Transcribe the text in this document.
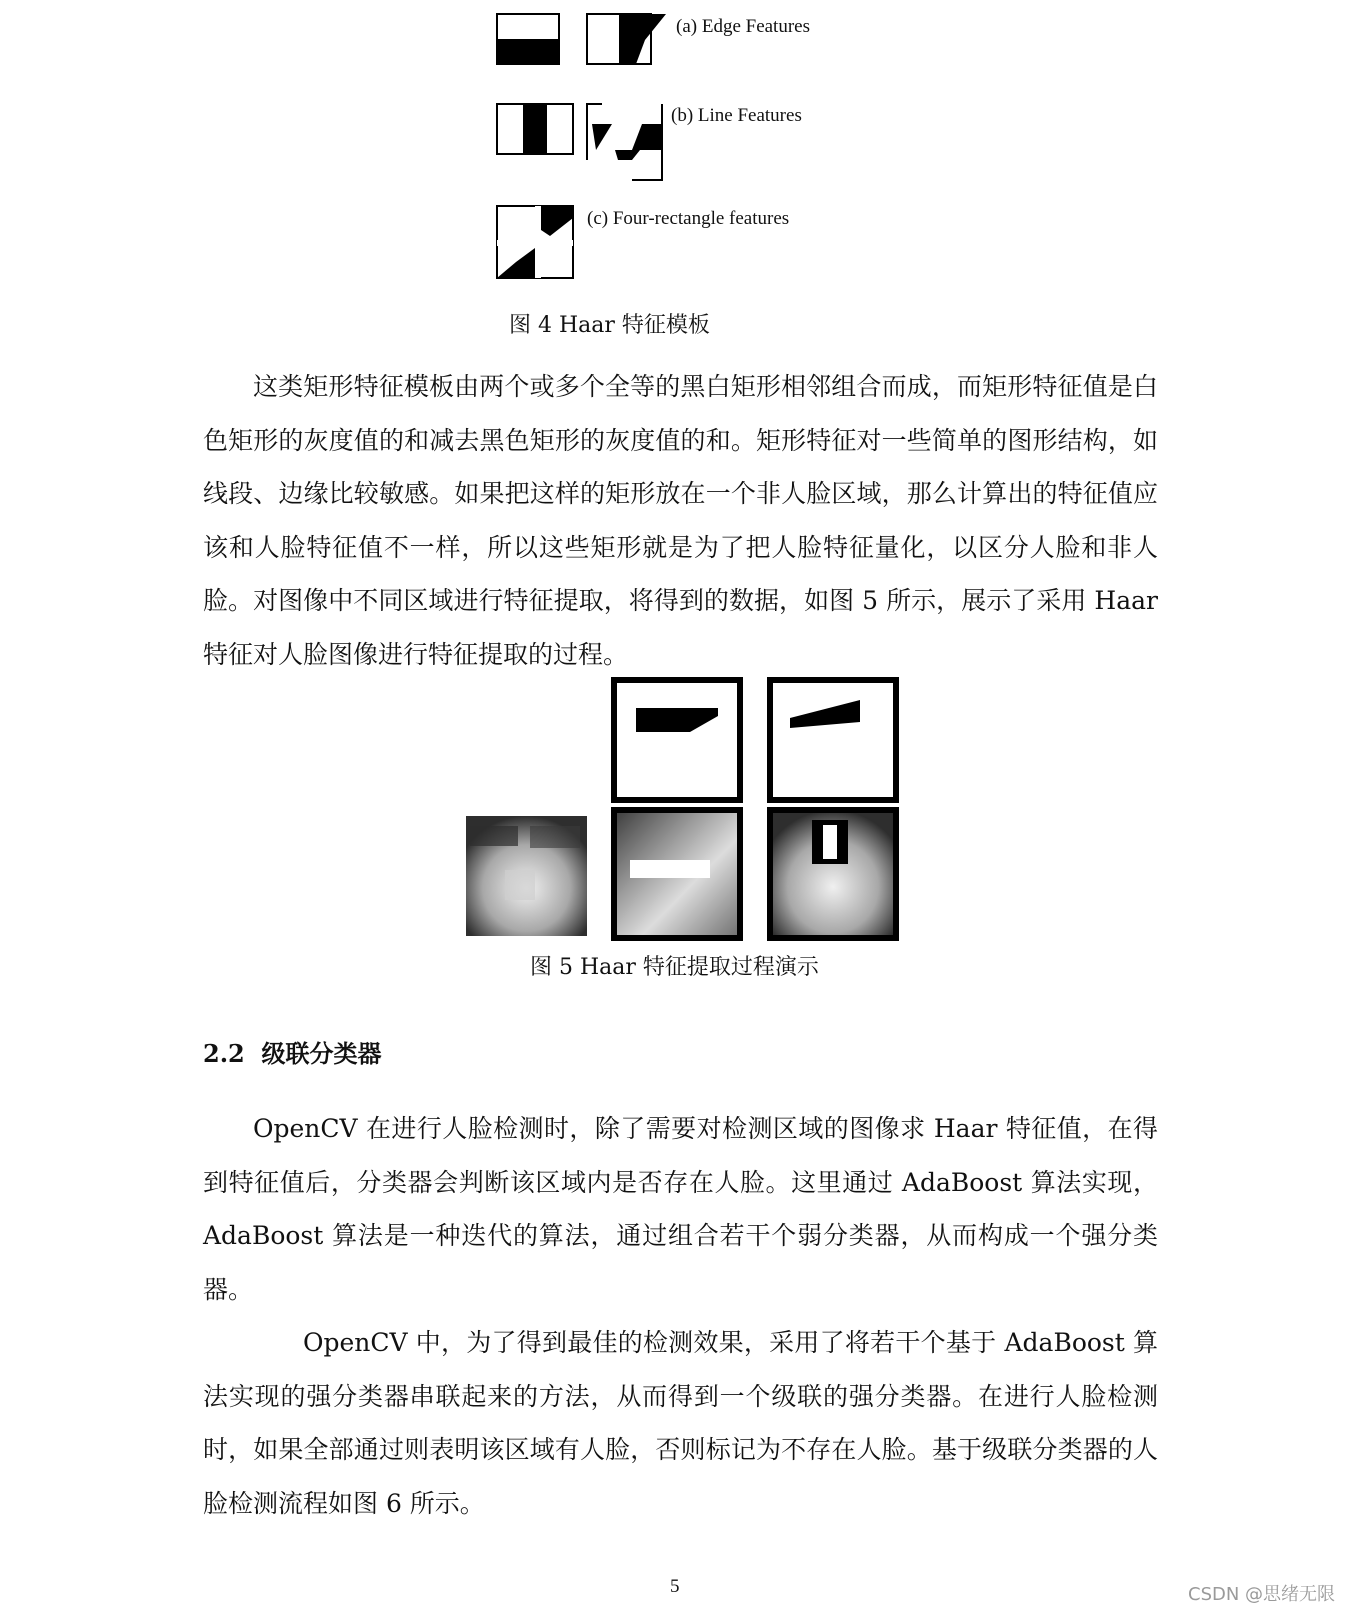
(a) Edge Features
(b) Line Features
(c) Four-rectangle features
图 4 Haar 特征模板
这类矩形特征模板由两个或多个全等的黑白矩形相邻组合而成，而矩形特征值是白色矩形的灰度值的和减去黑色矩形的灰度值的和。矩形特征对一些简单的图形结构，如线段、边缘比较敏感。如果把这样的矩形放在一个非人脸区域，那么计算出的特征值应该和人脸特征值不一样，所以这些矩形就是为了把人脸特征量化，以区分人脸和非人脸。对图像中不同区域进行特征提取，将得到的数据，如图 5 所示，展示了采用 Haar 特征对人脸图像进行特征提取的过程。
图 5 Haar 特征提取过程演示
2.2 级联分类器
OpenCV 在进行人脸检测时，除了需要对检测区域的图像求 Haar 特征值，在得到特征值后，分类器会判断该区域内是否存在人脸。这里通过 AdaBoost 算法实现，AdaBoost 算法是一种迭代的算法，通过组合若干个弱分类器，从而构成一个强分类器。
OpenCV 中，为了得到最佳的检测效果，采用了将若干个基于 AdaBoost 算法实现的强分类器串联起来的方法，从而得到一个级联的强分类器。在进行人脸检测时，如果全部通过则表明该区域有人脸，否则标记为不存在人脸。基于级联分类器的人脸检测流程如图 6 所示。
5	CSDN @思绪无限
